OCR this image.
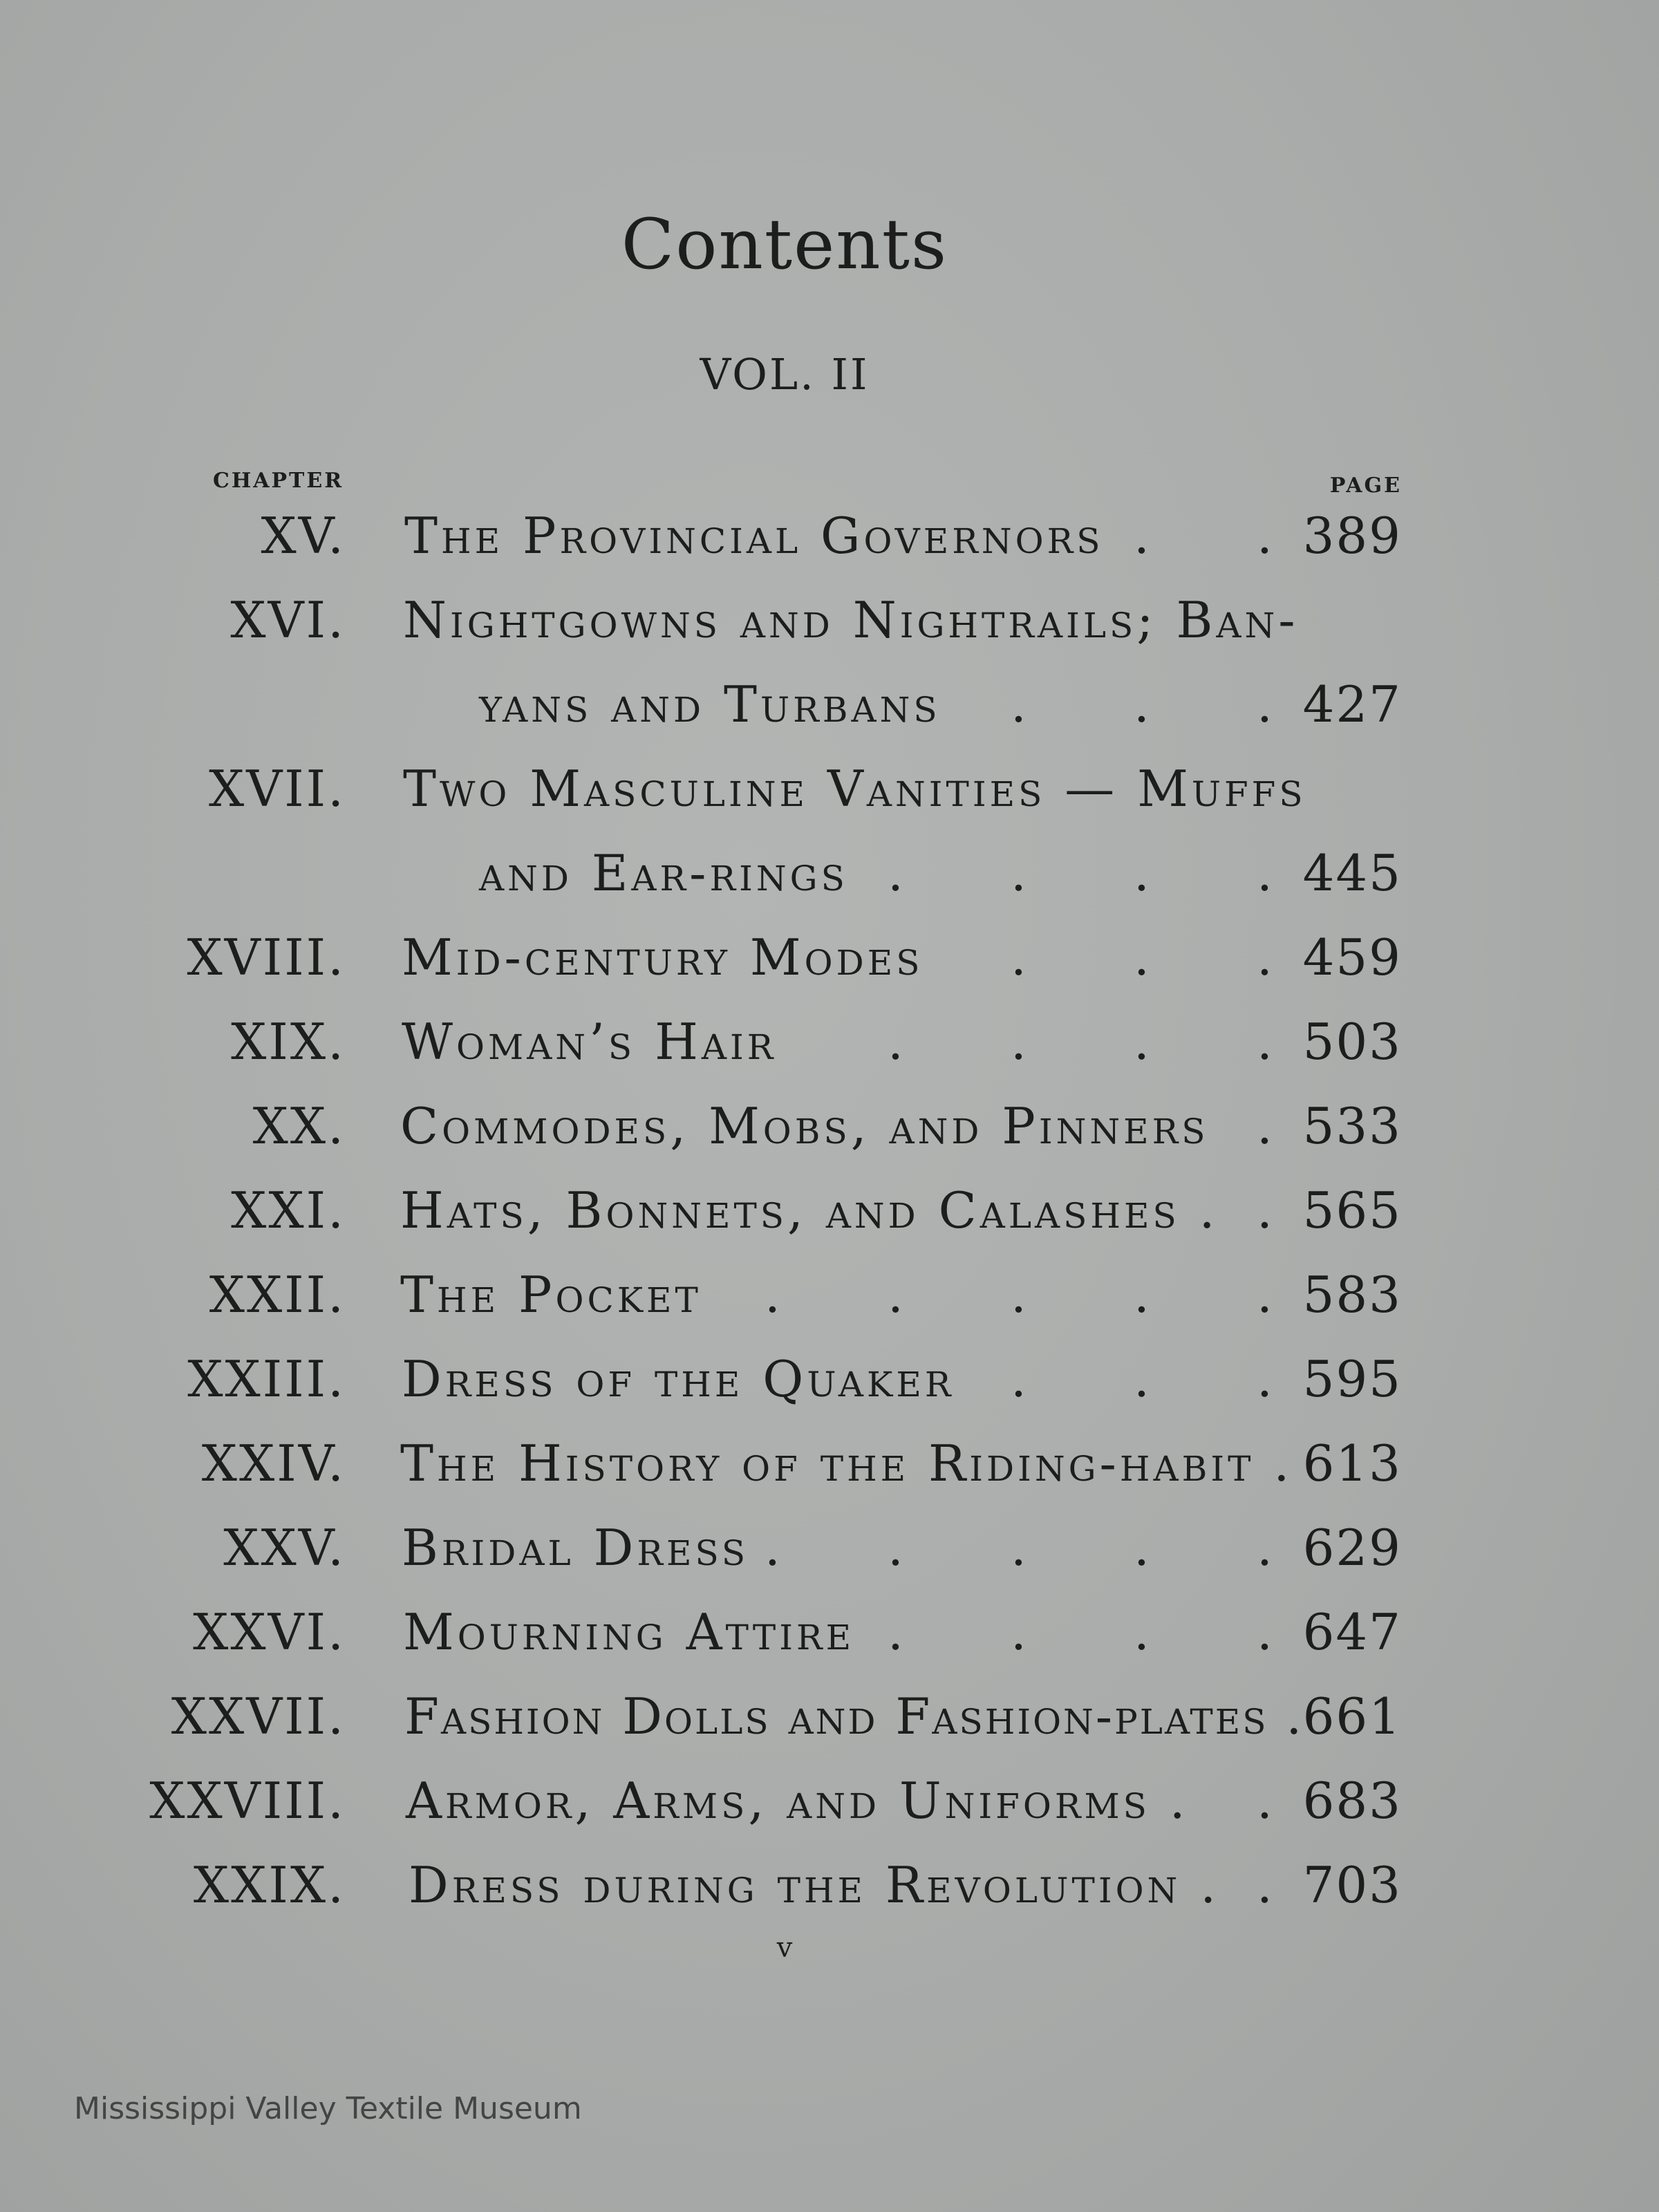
Contents
VOL. II
CHAPTER	PAGE
XV. The Provincial Governors . . 389
XVI. Nightgowns and Nightrails; Ban-
yans and Turbans . . . 427
XVII. Two Masculine Vanities — Muffs
and Ear-rings . . . . 445
XVIII. Mid-century Modes . . . 459
XIX. Woman’s Hair . . . . 503
XX. Commodes, Mobs, and Pinners . 533
XXI. Hats, Bonnets, and Calashes . . 565
XXII. The Pocket . . . . . 583
XXIII. Dress of the Quaker . . . 595
XXIV. The History of the Riding-habit . 613
XXV. Bridal Dress . . . . . 629
XXVI. Mourning Attire . . . . 647
XXVII. Fashion Dolls and Fashion-plates .
661
XXVIII. Armor, Arms, and Uniforms . . 683
XXIX. Dress during the Revolution . . 703
v
Mississippi Valley Textile Museum
